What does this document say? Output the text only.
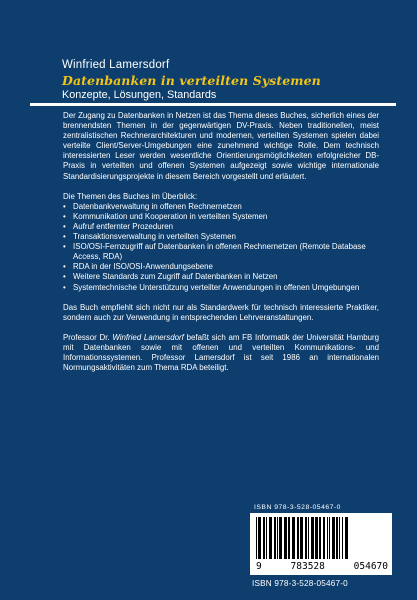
Winfried Lamersdorf
Datenbanken in verteilten Systemen
Konzepte, Lösungen, Standards

Der Zugang zu Datenbanken in Netzen ist das Thema dieses Buches, sicherlich eines der brennendsten Themen in der gegenwärtigen DV-Praxis. Neben traditionellen, meist zentralistischen Rechnerarchitekturen und modernen, verteilten Systemen spielen dabei verteilte Client/Server-Umgebungen eine zunehmend wichtige Rolle. Dem technisch interessierten Leser werden wesentliche Orientierungsmöglichkeiten erfolgreicher DB-Praxis in verteilten und offenen Systemen aufgezeigt sowie wichtige internationale Standardisierungsprojekte in diesem Bereich vorgestellt und erläutert.

Die Themen des Buches im Überblick:

• Datenbankverwaltung in offenen Rechnernetzen
• Kommunikation und Kooperation in verteilten Systemen
• Aufruf entfernter Prozeduren
• Transaktionsverwaltung in verteilten Systemen
• ISO/OSI-Fernzugriff auf Datenbanken in offenen Rechnernetzen (Remote Database Access, RDA)
• RDA in der ISO/OSI-Anwendungsebene
• Weitere Standards zum Zugriff auf Datenbanken in Netzen
• Systemtechnische Unterstützung verteilter Anwendungen in offenen Umgebungen

Das Buch empfiehlt sich nicht nur als Standardwerk für technisch interessierte Praktiker, sondern auch zur Verwendung in entsprechenden Lehrveranstaltungen.

Professor Dr. Winfried Lamersdorf befaßt sich am FB Informatik der Universität Hamburg mit Datenbanken sowie mit offenen und verteilten Kommunikations- und Informationssystemen. Professor Lamersdorf ist seit 1986 an internationalen Normungsaktivitäten zum Thema RDA beteiligt.

ISBN 978-3-528-05467-0
9	783528	054670
ISBN 978-3-528-05467-0
